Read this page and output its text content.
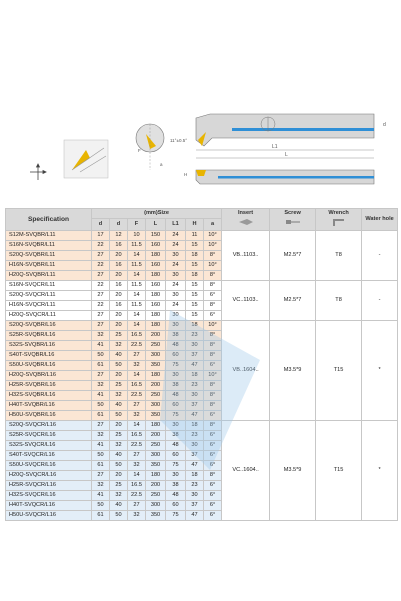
F
a
11°±0.5°
L1
L
d
H
Specification	(mm)Size							Insert	Screw	Wrench	Water hole
	d	d	F	L	L1	H	a				
S12M-SVQBR/L11	17	12	10	150	24	11	10°	VB..1103..	M2.5*7	T8	-
S16N-SVQBR/L11	22	16	11.5	160	24	15	10°				
S20Q-SVQBR/L11	27	20	14	180	30	18	8°				
H16N-SVQBR/L11	22	16	11.5	160	24	15	10°				
H20Q-SVQBR/L11	27	20	14	180	30	18	8°				
S16N-SVQCR/L11	22	16	11.5	160	24	15	8°	VC..1103..	M2.5*7	T8	-
S20Q-SVQCR/L11	27	20	14	180	30	15	6°				
H16N-SVQCR/L11	22	16	11.5	160	24	15	8°				
H20Q-SVQCR/L11	27	20	14	180	30	15	6°				
S20Q-SVQBR/L16	27	20	14	180	30	18	10°	VB..1604..	M3.5*9	T15	*
S25R-SVQBR/L16	32	25	16.5	200	38	23	8°				
S32S-SVQBR/L16	41	32	22.5	250	48	30	8°				
S40T-SVQBR/L16	50	40	27	300	60	37	8°				
S50U-SVQBR/L16	61	50	32	350	75	47	6°				
H20Q-SVQBR/L16	27	20	14	180	30	18	10°				
H25R-SVQBR/L16	32	25	16.5	200	38	23	8°				
H32S-SVQBR/L16	41	32	22.5	250	48	30	8°				
H40T-SVQBR/L16	50	40	27	300	60	37	8°				
H50U-SVQBR/L16	61	50	32	350	75	47	6°				
S20Q-SVQCR/L16	27	20	14	180	30	18	8°	VC..1604..	M3.5*9	T15	*
S25R-SVQCR/L16	32	25	16.5	200	38	23	6°				
S32S-SVQCR/L16	41	32	22.5	250	48	30	6°				
S40T-SVQCR/L16	50	40	27	300	60	37	6°				
S50U-SVQCR/L16	61	50	32	350	75	47	6°				
H20Q-SVQCR/L16	27	20	14	180	30	18	8°				
H25R-SVQCR/L16	32	25	16.5	200	38	23	6°				
H32S-SVQCR/L16	41	32	22.5	250	48	30	6°				
H40T-SVQCR/L16	50	40	27	300	60	37	6°				
H50U-SVQCR/L16	61	50	32	350	75	47	6°				
